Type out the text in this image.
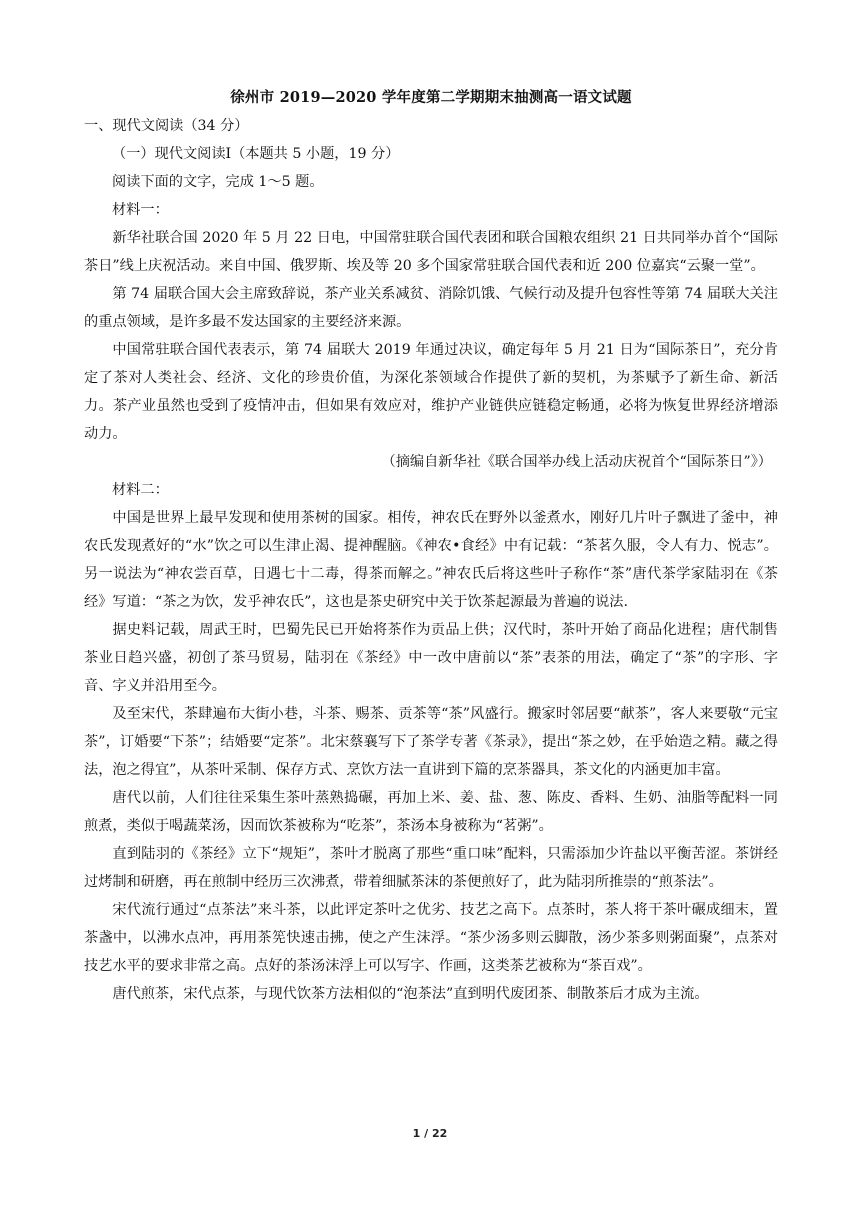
徐州市 2019—2020 学年度第二学期期末抽测高一语文试题

一、现代文阅读（34 分）

（一）现代文阅读Ⅰ（本题共 5 小题，19 分）

阅读下面的文字，完成 1〜5 题。

材料一：

新华社联合国 2020 年 5 月 22 日电，中国常驻联合国代表团和联合国粮农组织 21 日共同举办首个“国际茶日”线上庆祝活动。来自中国、俄罗斯、埃及等 20 多个国家常驻联合国代表和近 200 位嘉宾“云聚一堂”。

第 74 届联合国大会主席致辞说，茶产业关系减贫、消除饥饿、气候行动及提升包容性等第 74 届联大关注的重点领域，是许多最不发达国家的主要经济来源。

中国常驻联合国代表表示，第 74 届联大 2019 年通过决议，确定每年 5 月 21 日为“国际茶日”，充分肯定了茶对人类社会、经济、文化的珍贵价值，为深化茶领域合作提供了新的契机，为茶赋予了新生命、新活力。茶产业虽然也受到了疫情冲击，但如果有效应对，维护产业链供应链稳定畅通，必将为恢复世界经济增添动力。

（摘编自新华社《联合国举办线上活动庆祝首个“国际茶日”》）

材料二：

中国是世界上最早发现和使用茶树的国家。相传，神农氏在野外以釜煮水，刚好几片叶子飘进了釜中，神农氏发现煮好的“水”饮之可以生津止渴、提神醒脑。《神农•食经》中有记载：“茶茗久服，令人有力、悦志”。另一说法为“神农尝百草，日遇七十二毒，得茶而解之。”神农氏后将这些叶子称作“茶”唐代茶学家陆羽在《茶经》写道：“茶之为饮，发乎神农氏”，这也是茶史研究中关于饮茶起源最为普遍的说法.

据史料记载，周武王时，巴蜀先民已开始将茶作为贡品上供；汉代时，茶叶开始了商品化进程；唐代制售茶业日趋兴盛，初创了茶马贸易，陆羽在《茶经》中一改中唐前以“茶”表茶的用法，确定了“茶”的字形、字音、字义并沿用至今。

及至宋代，茶肆遍布大街小巷，斗茶、赐茶、贡茶等“茶”风盛行。搬家时邻居要“献茶”，客人来要敬“元宝茶”，订婚要“下茶”；结婚要“定茶”。北宋蔡襄写下了茶学专著《茶录》，提出“茶之妙，在乎始造之精。藏之得法，泡之得宜”，从茶叶采制、保存方式、烹饮方法一直讲到下篇的烹茶器具，茶文化的内涵更加丰富。

唐代以前，人们往往采集生茶叶蒸熟捣碾，再加上米、姜、盐、葱、陈皮、香料、生奶、油脂等配料一同煎煮，类似于喝蔬菜汤，因而饮茶被称为“吃茶”，茶汤本身被称为“茗粥”。

直到陆羽的《茶经》立下“规矩”，茶叶才脱离了那些“重口味”配料，只需添加少许盐以平衡苦涩。茶饼经过烤制和研磨，再在煎制中经历三次沸煮，带着细腻茶沫的茶便煎好了，此为陆羽所推崇的“煎茶法”。

宋代流行通过“点茶法”来斗茶，以此评定茶叶之优劣、技艺之高下。点茶时，茶人将干茶叶碾成细末，置茶盏中，以沸水点冲，再用茶筅快速击拂，使之产生沫浮。“茶少汤多则云脚散，汤少茶多则粥面聚”，点茶对技艺水平的要求非常之高。点好的茶汤沫浮上可以写字、作画，这类茶艺被称为“茶百戏”。

唐代煎茶，宋代点茶，与现代饮茶方法相似的“泡茶法”直到明代废团茶、制散茶后才成为主流。

1 / 22
